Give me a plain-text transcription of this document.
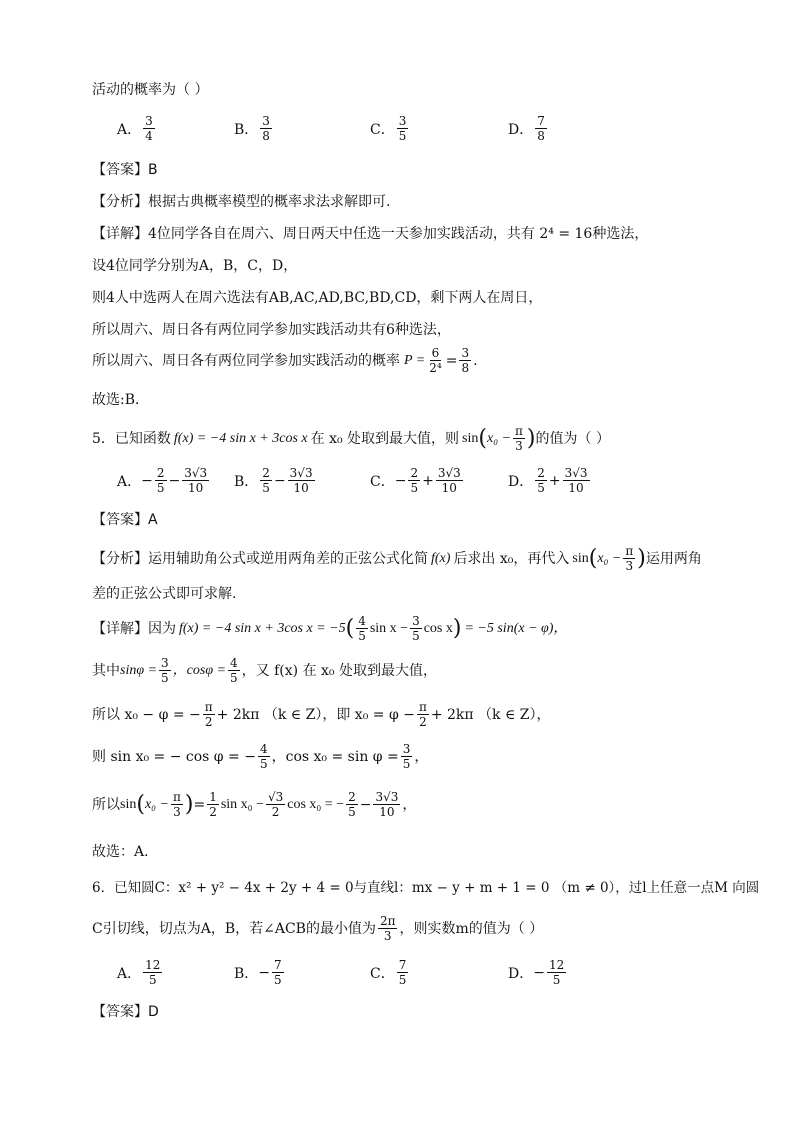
活动的概率为（ ）
A． $\frac{3}{4}$	B． $\frac{3}{8}$	C． $\frac{3}{5}$	D． $\frac{7}{8}$
【答案】B
【分析】根据古典概率模型的概率求法求解即可.
【详解】4位同学各自在周六、周日两天中任选一天参加实践活动，共有 2⁴ = 16种选法，
设4位同学分别为A，B，C，D，
则4人中选两人在周六选法有AB,AC,AD,BC,BD,CD，剩下两人在周日，
所以周六、周日各有两位同学参加实践活动共有6种选法，
所以周六、周日各有两位同学参加实践活动的概率 $P = \frac{6}{\text{2⁴}} = \frac{3}{8}$ .
故选:B．
5．已知函数 f(x) = −4 sin x + 3cos x 在 x₀ 处取到最大值，则 sin ( $x_0 - \frac{\pi}{3}$ ) 的值为（ ）
A． − $\frac{2}{5} - \frac{3√3}{10}$ B． $\frac{2}{5} - \frac{3√3}{10}$	C． − $\frac{2}{5} + \frac{3√3}{10}$	D． $\frac{2}{5} + \frac{3√3}{10}$
【答案】A
【分析】运用辅助角公式或逆用两角差的正弦公式化简 f(x) 后求出 x₀，再代入 sin ( $x_0 - \frac{\pi}{3}$ ) 运用两角
差的正弦公式即可求解.
【详解】因为 f(x) = −4 sin x + 3cos x = −5 ( $\frac{4}{5}$ $\sin x - \frac{3}{5}$ cos x ) = −5 sin(x − φ)，
其中 $\sin\varphi = \frac{3}{5}$ ，$\cos\varphi = \frac{4}{5}$ ，又 f(x) 在 x₀ 处取到最大值，
所以 x₀ − φ = − $\frac{\pi}{2} + 2k\pi$ （k ∈ Z），即 $x_0 = \varphi - \frac{\pi}{2} + 2k\pi$ （k ∈ Z），
则 sin x₀ = − cos φ = − $\frac{4}{5}$ ，$\cos x_0 = \sin \varphi = \frac{3}{5}$ ，
所以 sin ( $x_0 - \frac{\pi}{3}$ ) = $\frac{1}{2}$ $\sin x_0 - \frac{√3}{2}$ cos x₀ = − $\frac{2}{5} - \frac{3√3}{10}$ ，
故选：A．
6．已知圆C：x² + y² − 4x + 2y + 4 = 0与直线l：mx − y + m + 1 = 0 （m ≠ 0），过l上任意一点M 向圆
C引切线，切点为A，B，若∠ACB的最小值为 $\frac{2\pi}{3}$ ，则实数m的值为（ ）
A． $\frac{12}{5}$	B． − $\frac{7}{5}$	C． $\frac{7}{5}$	D． − $\frac{12}{5}$
【答案】D
